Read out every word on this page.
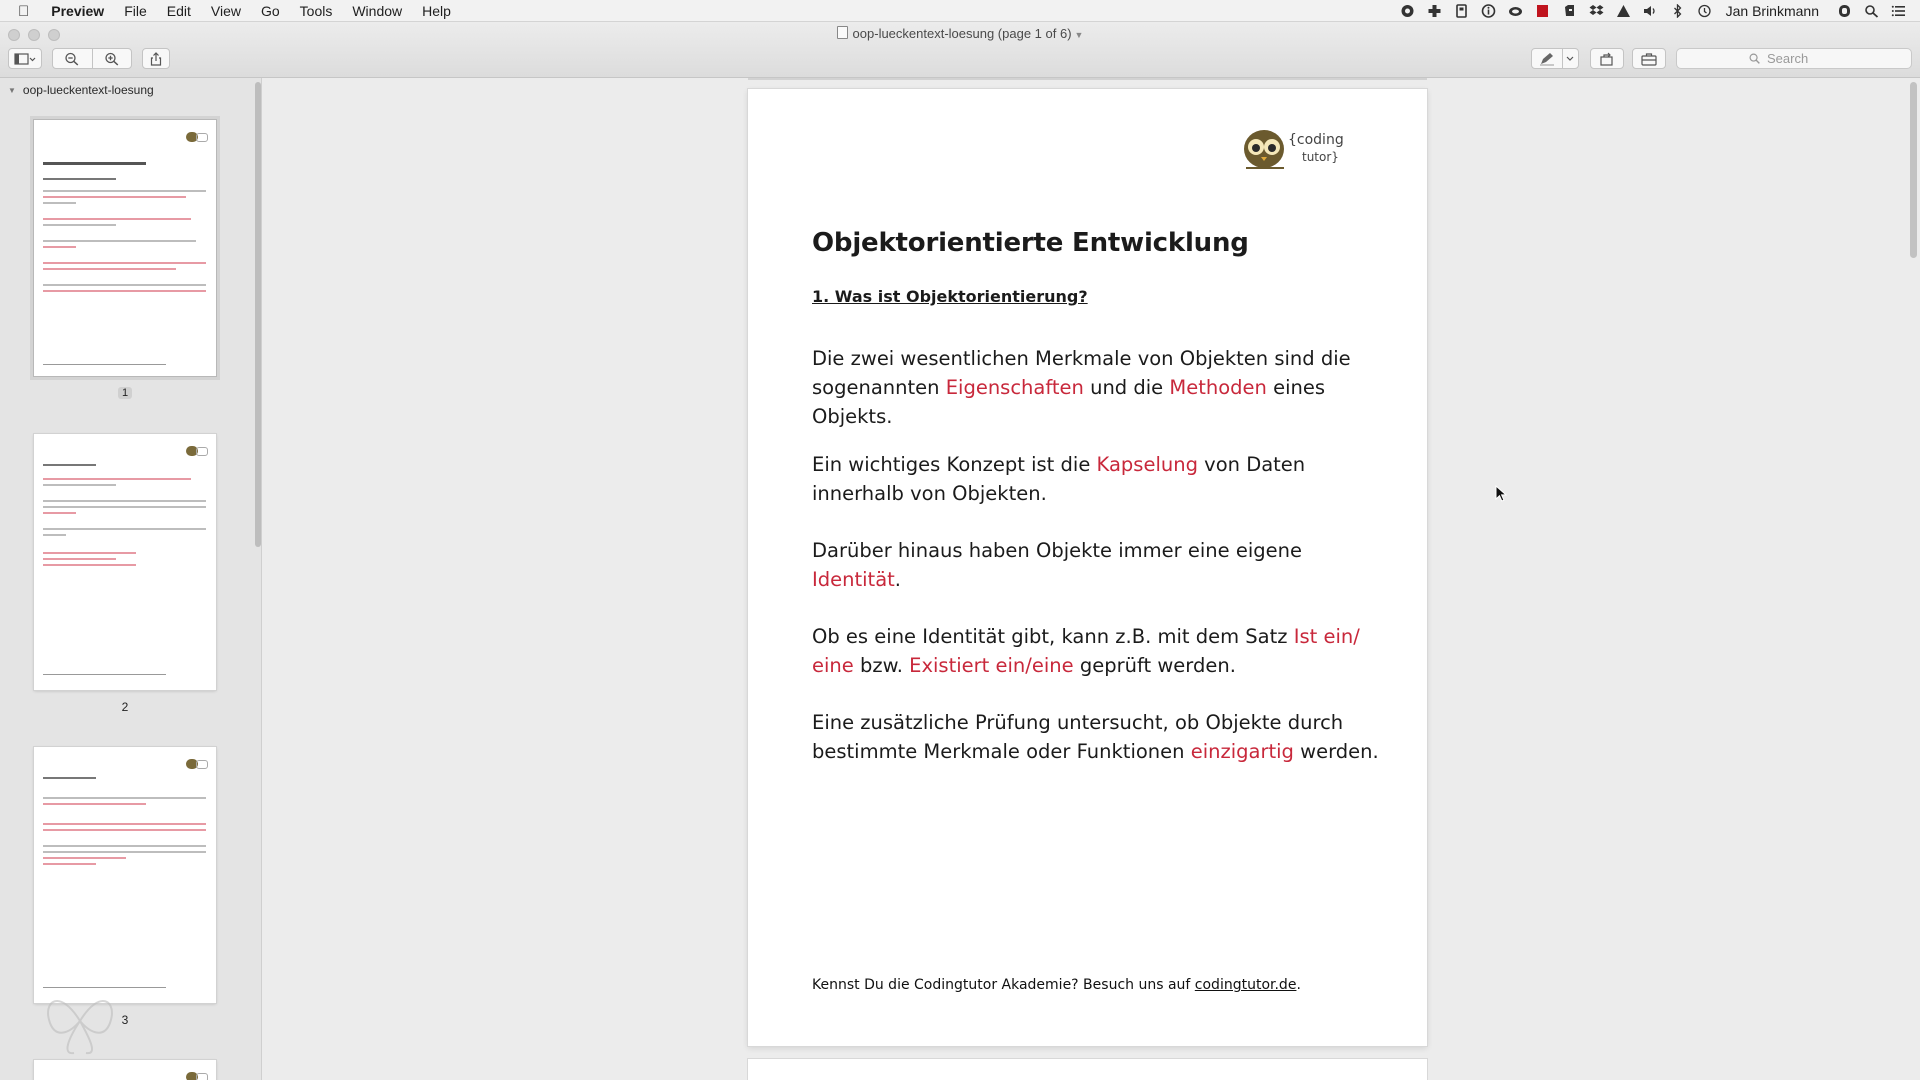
Preview File Edit View Go Tools Window Help	Jan Brinkmann
oop-lueckentext-loesung (page 1 of 6) ▼
Search
▼ oop-lueckentext-loesung
1
2
3
{coding
tutor}
Objektorientierte Entwicklung
1. Was ist Objektorientierung?

Die zwei wesentlichen Merkmale von Objekten sind die sogenannten Eigenschaften und die Methoden eines Objekts.

Ein wichtiges Konzept ist die Kapselung von Daten innerhalb von Objekten.

Darüber hinaus haben Objekte immer eine eigene Identität.

Ob es eine Identität gibt, kann z.B. mit dem Satz Ist ein/ eine bzw. Existiert ein/eine geprüft werden.

Eine zusätzliche Prüfung untersucht, ob Objekte durch bestimmte Merkmale oder Funktionen einzigartig werden.

Kennst Du die Codingtutor Akademie? Besuch uns auf codingtutor.de.
